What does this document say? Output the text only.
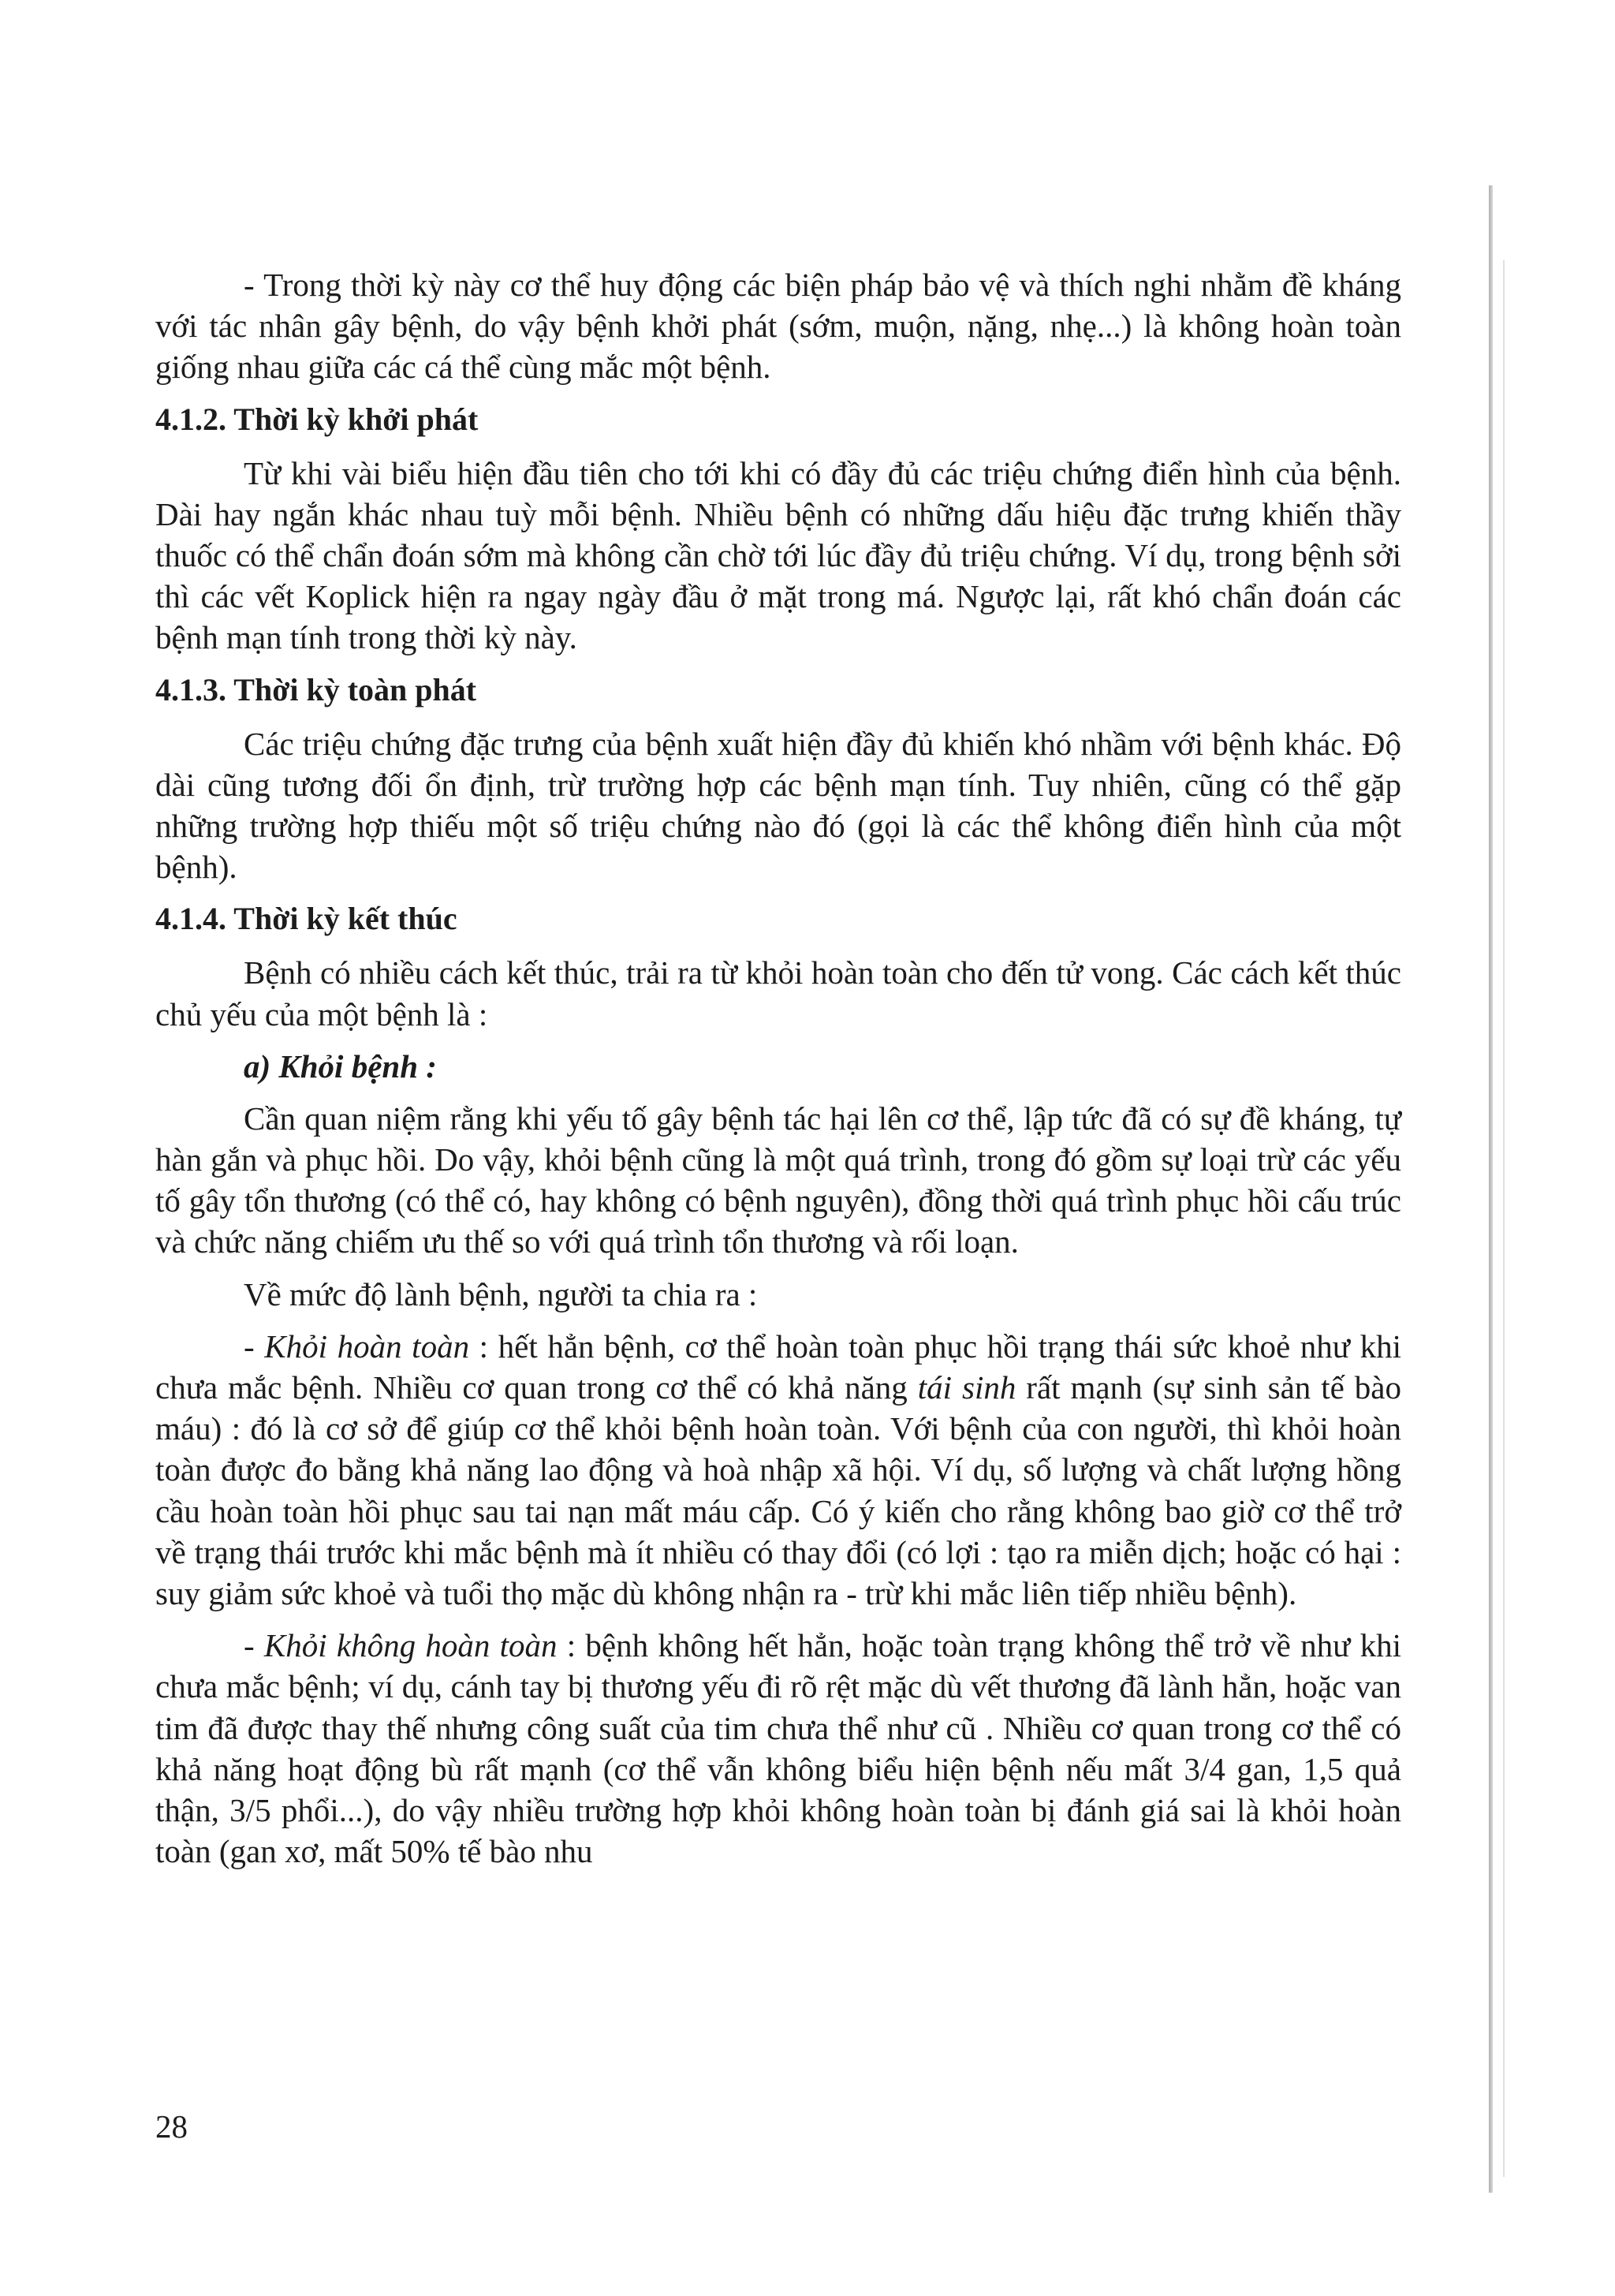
- Trong thời kỳ này cơ thể huy động các biện pháp bảo vệ và thích nghi nhằm đề kháng với tác nhân gây bệnh, do vậy bệnh khởi phát (sớm, muộn, nặng, nhẹ...) là không hoàn toàn giống nhau giữa các cá thể cùng mắc một bệnh.

4.1.2. Thời kỳ khởi phát

Từ khi vài biểu hiện đầu tiên cho tới khi có đầy đủ các triệu chứng điển hình của bệnh. Dài hay ngắn khác nhau tuỳ mỗi bệnh. Nhiều bệnh có những dấu hiệu đặc trưng khiến thầy thuốc có thể chẩn đoán sớm mà không cần chờ tới lúc đầy đủ triệu chứng. Ví dụ, trong bệnh sởi thì các vết Koplick hiện ra ngay ngày đầu ở mặt trong má. Ngược lại, rất khó chẩn đoán các bệnh mạn tính trong thời kỳ này.

4.1.3. Thời kỳ toàn phát

Các triệu chứng đặc trưng của bệnh xuất hiện đầy đủ khiến khó nhầm với bệnh khác. Độ dài cũng tương đối ổn định, trừ trường hợp các bệnh mạn tính. Tuy nhiên, cũng có thể gặp những trường hợp thiếu một số triệu chứng nào đó (gọi là các thể không điển hình của một bệnh).

4.1.4. Thời kỳ kết thúc

Bệnh có nhiều cách kết thúc, trải ra từ khỏi hoàn toàn cho đến tử vong. Các cách kết thúc chủ yếu của một bệnh là :

a) Khỏi bệnh :

Cần quan niệm rằng khi yếu tố gây bệnh tác hại lên cơ thể, lập tức đã có sự đề kháng, tự hàn gắn và phục hồi. Do vậy, khỏi bệnh cũng là một quá trình, trong đó gồm sự loại trừ các yếu tố gây tổn thương (có thể có, hay không có bệnh nguyên), đồng thời quá trình phục hồi cấu trúc và chức năng chiếm ưu thế so với quá trình tổn thương và rối loạn.

Về mức độ lành bệnh, người ta chia ra :

- Khỏi hoàn toàn : hết hẳn bệnh, cơ thể hoàn toàn phục hồi trạng thái sức khoẻ như khi chưa mắc bệnh. Nhiều cơ quan trong cơ thể có khả năng tái sinh rất mạnh (sự sinh sản tế bào máu) : đó là cơ sở để giúp cơ thể khỏi bệnh hoàn toàn. Với bệnh của con người, thì khỏi hoàn toàn được đo bằng khả năng lao động và hoà nhập xã hội. Ví dụ, số lượng và chất lượng hồng cầu hoàn toàn hồi phục sau tai nạn mất máu cấp. Có ý kiến cho rằng không bao giờ cơ thể trở về trạng thái trước khi mắc bệnh mà ít nhiều có thay đổi (có lợi : tạo ra miễn dịch; hoặc có hại : suy giảm sức khoẻ và tuổi thọ mặc dù không nhận ra - trừ khi mắc liên tiếp nhiều bệnh).

- Khỏi không hoàn toàn : bệnh không hết hẳn, hoặc toàn trạng không thể trở về như khi chưa mắc bệnh; ví dụ, cánh tay bị thương yếu đi rõ rệt mặc dù vết thương đã lành hẳn, hoặc van tim đã được thay thế nhưng công suất của tim chưa thể như cũ . Nhiều cơ quan trong cơ thể có khả năng hoạt động bù rất mạnh (cơ thể vẫn không biểu hiện bệnh nếu mất 3/4 gan, 1,5 quả thận, 3/5 phổi...), do vậy nhiều trường hợp khỏi không hoàn toàn bị đánh giá sai là khỏi hoàn toàn (gan xơ, mất 50% tế bào nhu

28
